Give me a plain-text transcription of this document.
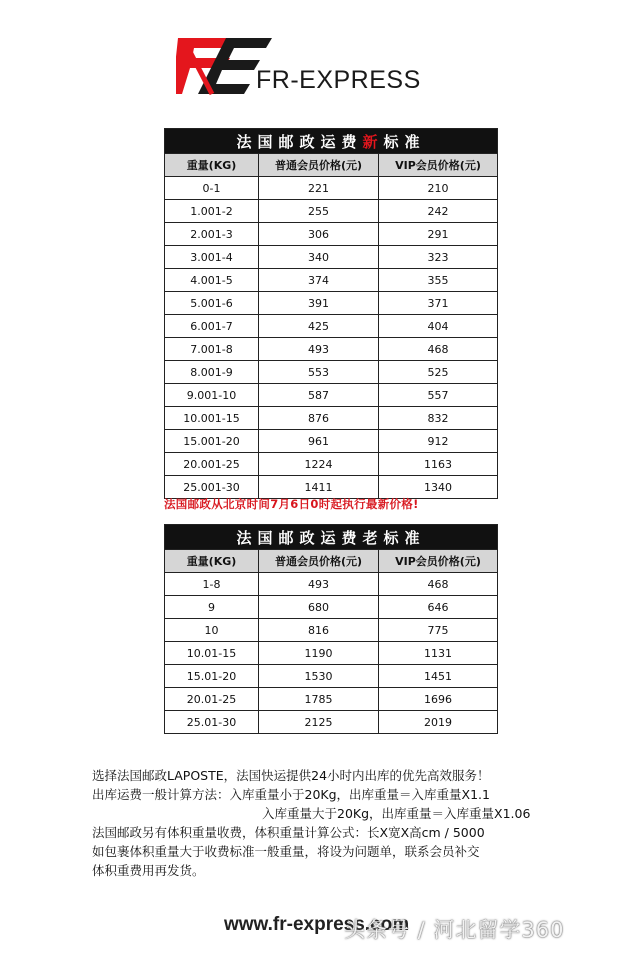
FR-EXPRESS
法国邮政运费新标准		
重量(KG)	普通会员价格(元)	VIP会员价格(元)
0-1	221	210
1.001-2	255	242
2.001-3	306	291
3.001-4	340	323
4.001-5	374	355
5.001-6	391	371
6.001-7	425	404
7.001-8	493	468
8.001-9	553	525
9.001-10	587	557
10.001-15	876	832
15.001-20	961	912
20.001-25	1224	1163
25.001-30	1411	1340
法国邮政从北京时间7月6日0时起执行最新价格!
法国邮政运费老标准		
重量(KG)	普通会员价格(元)	VIP会员价格(元)
1-8	493	468
9	680	646
10	816	775
10.01-15	1190	1131
15.01-20	1530	1451
20.01-25	1785	1696
25.01-30	2125	2019
选择法国邮政LAPOSTE，法国快运提供24小时内出库的优先高效服务！
出库运费一般计算方法：入库重量小于20Kg，出库重量＝入库重量X1.1
入库重量大于20Kg，出库重量＝入库重量X1.06
法国邮政另有体积重量收费，体积重量计算公式：长X宽X高cm / 5000
如包裹体积重量大于收费标准一般重量，将设为问题单，联系会员补交
体积重费用再发货。
www.fr-express.com
头条号 / 河北留学360
